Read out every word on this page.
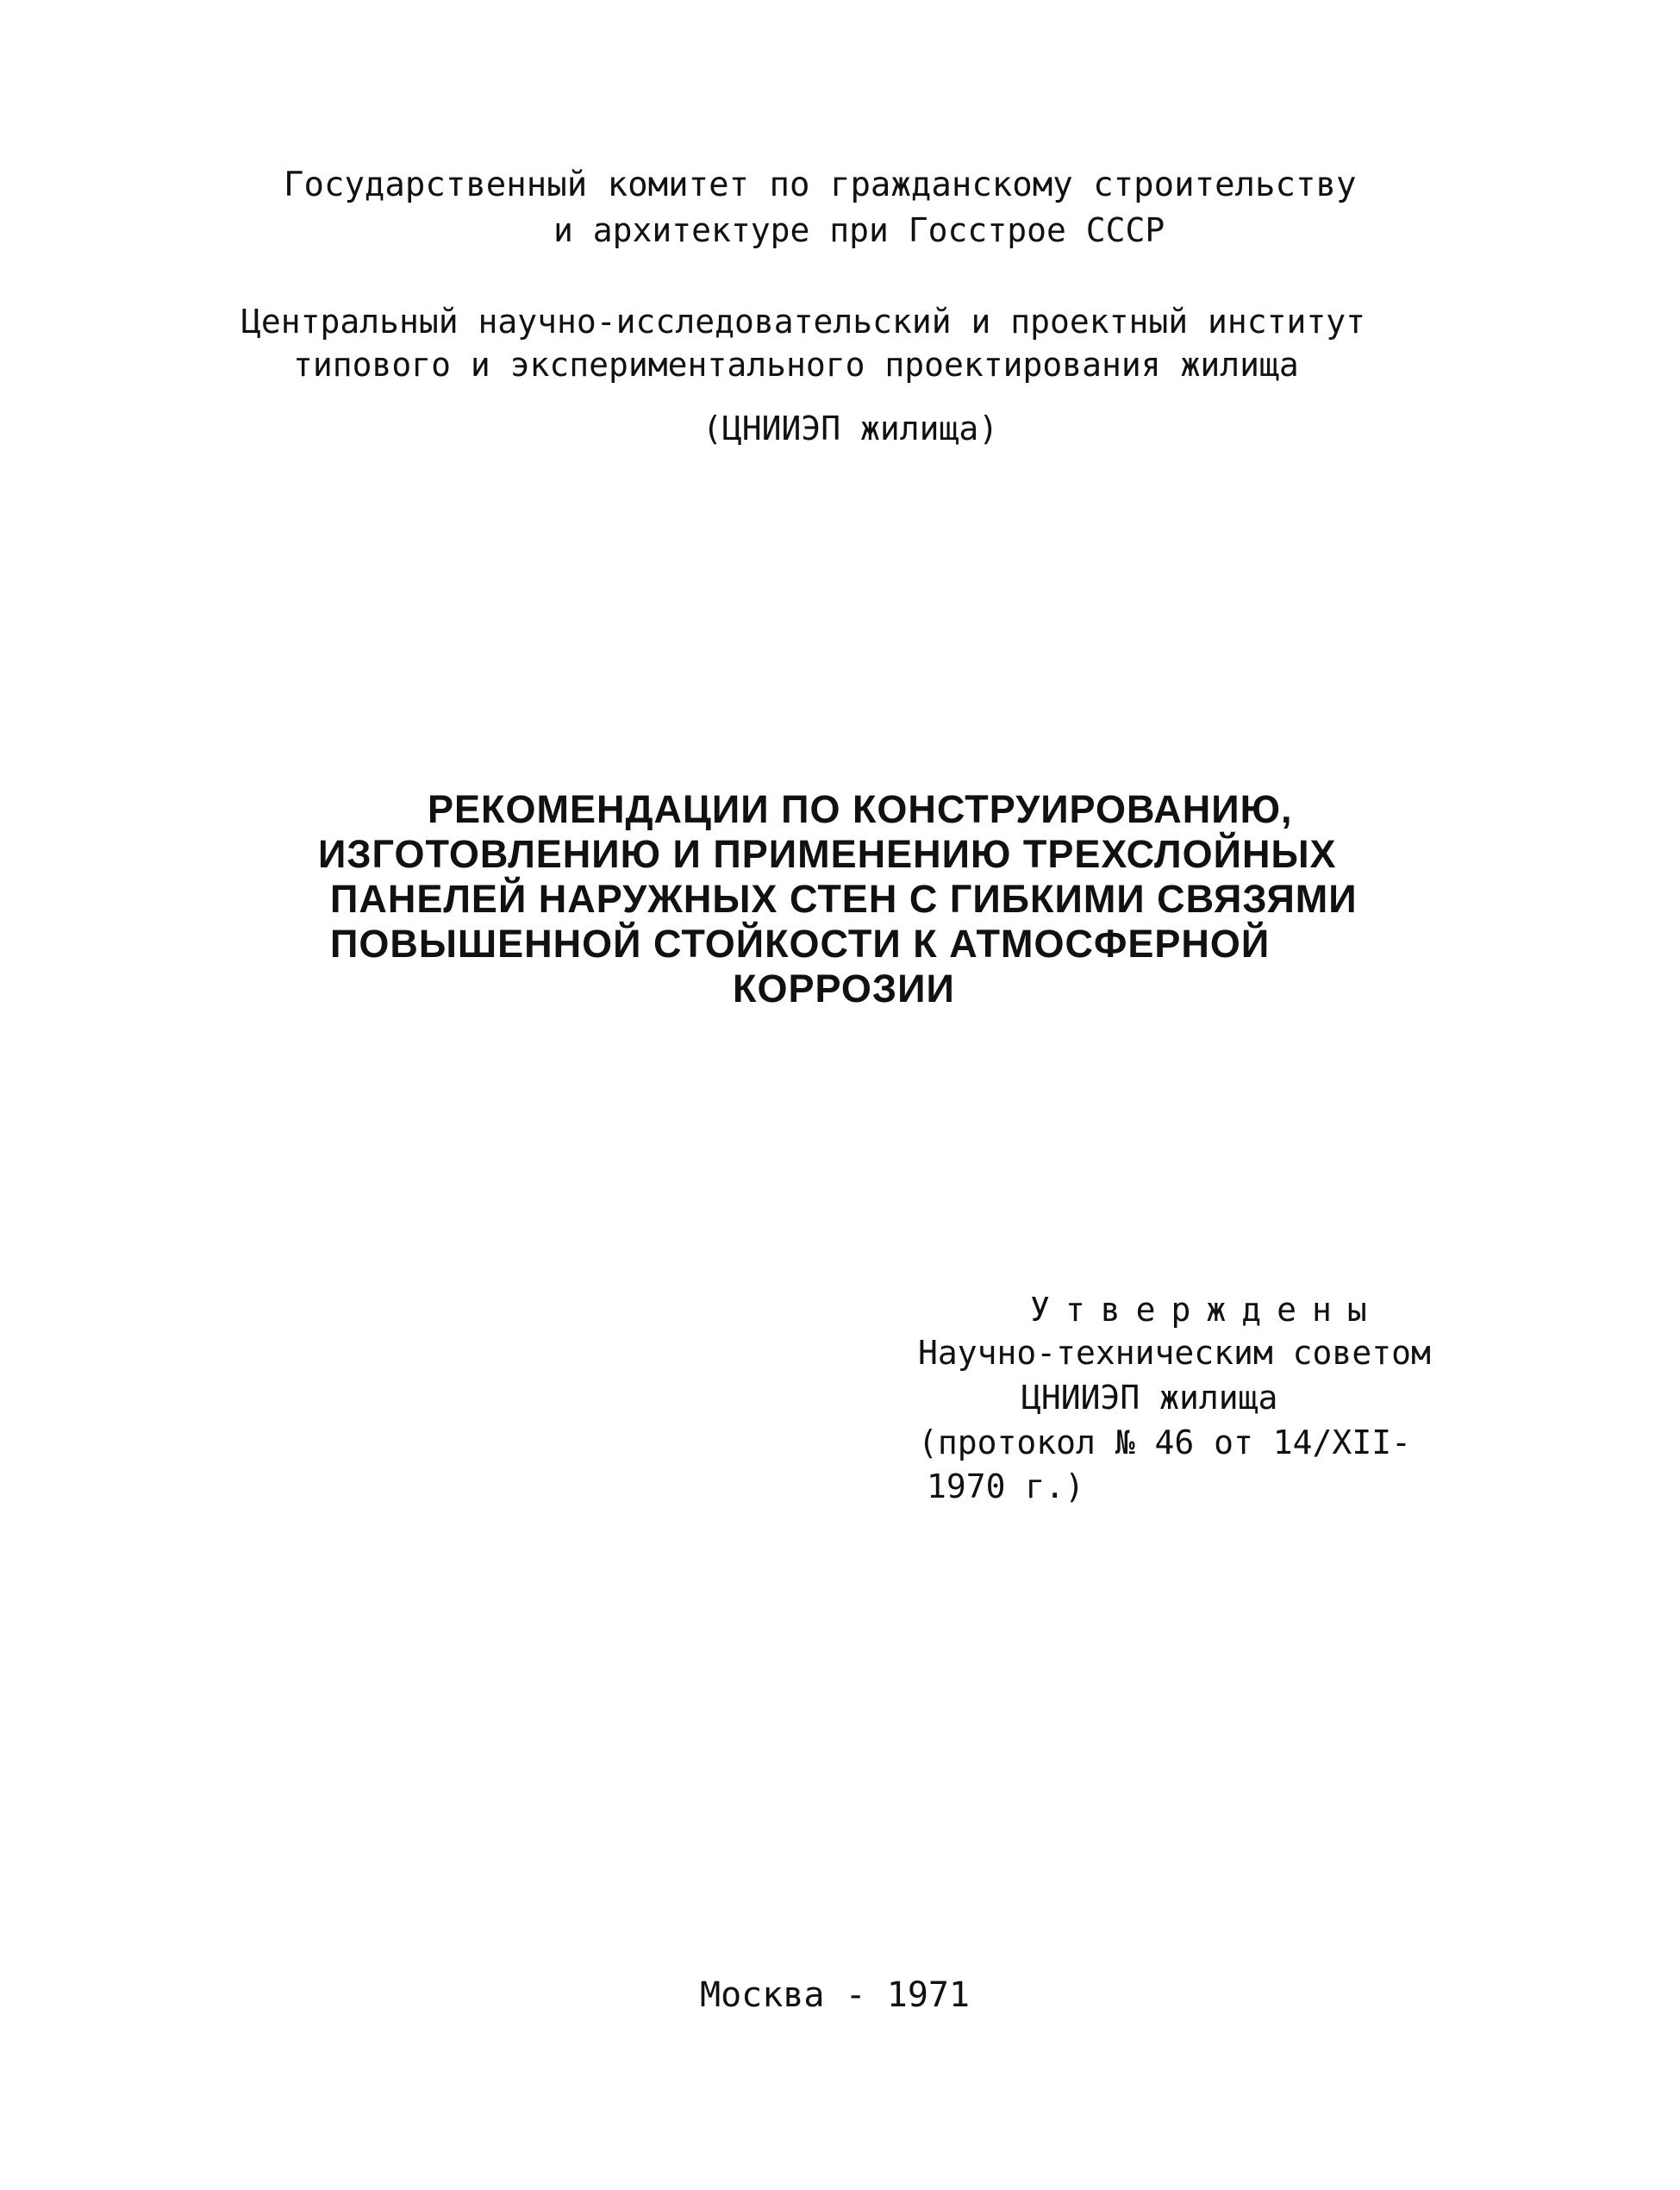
Государственный комитет по гражданскому строительству
и архитектуре при Госстрое СССР
Центральный научно-исследовательский и проектный институт
типового и экспериментального проектирования жилища
(ЦНИИЭП жилища)
РЕКОМЕНДАЦИИ ПО КОНСТРУИРОВАНИЮ,
ИЗГОТОВЛЕНИЮ И ПРИМЕНЕНИЮ ТРЕХСЛОЙНЫХ
ПАНЕЛЕЙ НАРУЖНЫХ СТЕН С ГИБКИМИ СВЯЗЯМИ
ПОВЫШЕННОЙ СТОЙКОСТИ К АТМОСФЕРНОЙ
КОРРОЗИИ
Утверждены
Научно-техническим советом
ЦНИИЭП жилища
(протокол № 46 от 14/XII-
1970 г.)
Москва - 1971
